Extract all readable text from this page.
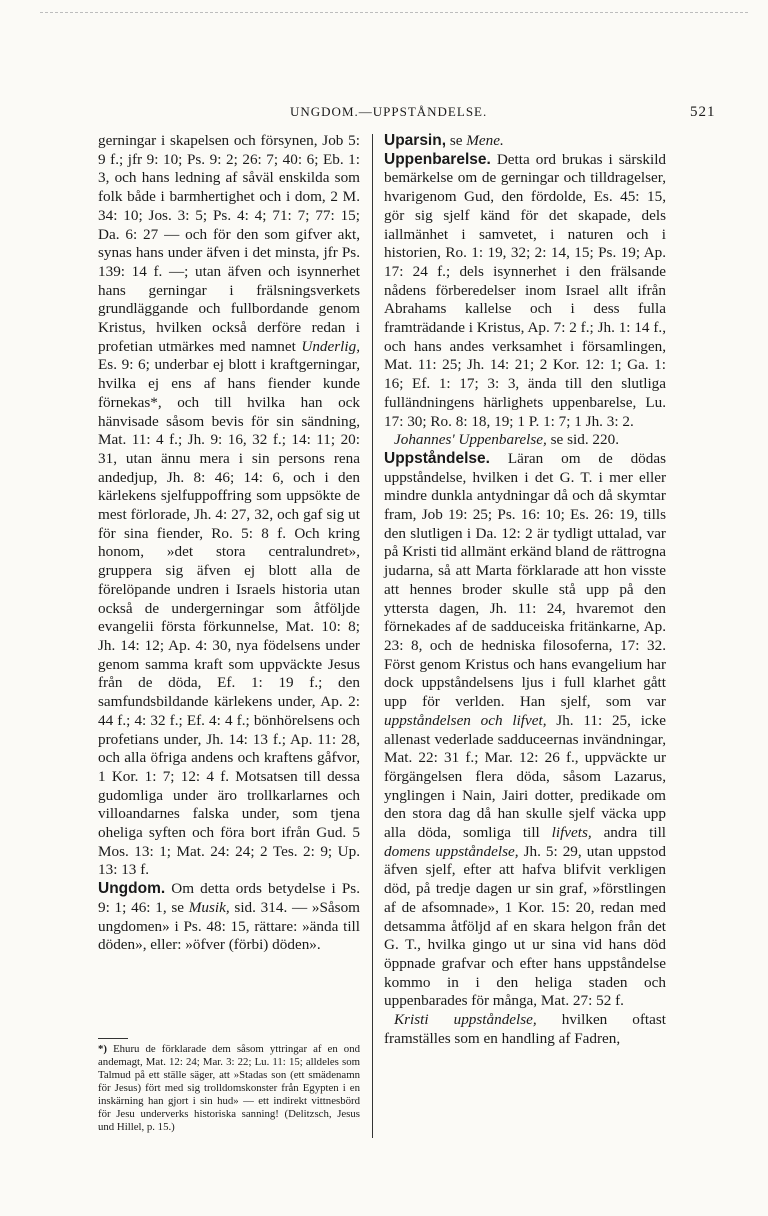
UNGDOM.—UPPSTÅNDELSE.	521

gerningar i skapelsen och försynen, Job 5: 9 f.; jfr 9: 10; Ps. 9: 2; 26: 7; 40: 6; Eb. 1: 3, och hans ledning af såväl enskilda som folk både i barmhertighet och i dom, 2 M. 34: 10; Jos. 3: 5; Ps. 4: 4; 71: 7; 77: 15; Da. 6: 27 — och för den som gifver akt, synas hans under äfven i det minsta, jfr Ps. 139: 14 f. —; utan äfven och isynnerhet hans gerningar i frälsningsverkets grundläggande och fullbordande genom Kristus, hvilken också derföre redan i profetian utmärkes med namnet Underlig, Es. 9: 6; underbar ej blott i kraftgerningar, hvilka ej ens af hans fiender kunde förnekas*, och till hvilka han ock hänvisade såsom bevis för sin sändning, Mat. 11: 4 f.; Jh. 9: 16, 32 f.; 14: 11; 20: 31, utan ännu mera i sin persons rena andedjup, Jh. 8: 46; 14: 6, och i den kärlekens sjelfuppoffring som uppsökte de mest förlorade, Jh. 4: 27, 32, och gaf sig ut för sina fiender, Ro. 5: 8 f. Och kring honom, »det stora centralundret», gruppera sig äfven ej blott alla de förelöpande undren i Israels historia utan också de undergerningar som åtföljde evangelii första förkunnelse, Mat. 10: 8; Jh. 14: 12; Ap. 4: 30, nya födelsens under genom samma kraft som uppväckte Jesus från de döda, Ef. 1: 19 f.; den samfundsbildande kärlekens under, Ap. 2: 44 f.; 4: 32 f.; Ef. 4: 4 f.; bönhörelsens och profetians under, Jh. 14: 13 f.; Ap. 11: 28, och alla öfriga andens och kraftens gåfvor, 1 Kor. 1: 7; 12: 4 f. Motsatsen till dessa gudomliga under äro trollkarlarnes och villoandarnes falska under, som tjena oheliga syften och föra bort ifrån Gud. 5 Mos. 13: 1; Mat. 24: 24; 2 Tes. 2: 9; Up. 13: 13 f.

Ungdom. Om detta ords betydelse i Ps. 9: 1; 46: 1, se Musik, sid. 314. — »Såsom ungdomen» i Ps. 48: 15, rättare: »ända till döden», eller: »öfver (förbi) döden».

*) Ehuru de förklarade dem såsom yttringar af en ond andemagt, Mat. 12: 24; Mar. 3: 22; Lu. 11: 15; alldeles som Talmud på ett ställe säger, att »Stadas son (ett smädenamn för Jesus) fört med sig trolldomskonster från Egypten i en inskärning han gjort i sin hud» — ett indirekt vittnesbörd för Jesu underverks historiska sanning! (Delitzsch, Jesus und Hillel, p. 15.)

Uparsin, se Mene.

Uppenbarelse. Detta ord brukas i särskild bemärkelse om de gerningar och tilldragelser, hvarigenom Gud, den fördolde, Es. 45: 15, gör sig sjelf känd för det skapade, dels iallmänhet i samvetet, i naturen och i historien, Ro. 1: 19, 32; 2: 14, 15; Ps. 19; Ap. 17: 24 f.; dels isynnerhet i den frälsande nådens förberedelser inom Israel allt ifrån Abrahams kallelse och i dess fulla framträdande i Kristus, Ap. 7: 2 f.; Jh. 1: 14 f., och hans andes verksamhet i församlingen, Mat. 11: 25; Jh. 14: 21; 2 Kor. 12: 1; Ga. 1: 16; Ef. 1: 17; 3: 3, ända till den slutliga fulländningens härlighets uppenbarelse, Lu. 17: 30; Ro. 8: 18, 19; 1 P. 1: 7; 1 Jh. 3: 2.

Johannes' Uppenbarelse, se sid. 220.

Uppståndelse. Läran om de dödas uppståndelse, hvilken i det G. T. i mer eller mindre dunkla antydningar då och då skymtar fram, Job 19: 25; Ps. 16: 10; Es. 26: 19, tills den slutligen i Da. 12: 2 är tydligt uttalad, var på Kristi tid allmänt erkänd bland de rättrogna judarna, så att Marta förklarade att hon visste att hennes broder skulle stå upp på den yttersta dagen, Jh. 11: 24, hvaremot den förnekades af de sadduceiska fritänkarne, Ap. 23: 8, och de hedniska filosoferna, 17: 32. Först genom Kristus och hans evangelium har dock uppståndelsens ljus i full klarhet gått upp för verlden. Han sjelf, som var uppståndelsen och lifvet, Jh. 11: 25, icke allenast vederlade sadduceernas invändningar, Mat. 22: 31 f.; Mar. 12: 26 f., uppväckte ur förgängelsen flera döda, såsom Lazarus, ynglingen i Nain, Jairi dotter, predikade om den stora dag då han skulle sjelf väcka upp alla döda, somliga till lifvets, andra till domens uppståndelse, Jh. 5: 29, utan uppstod äfven sjelf, efter att hafva blifvit verkligen död, på tredje dagen ur sin graf, »förstlingen af de afsomnade», 1 Kor. 15: 20, redan med detsamma åtföljd af en skara helgon från det G. T., hvilka gingo ut ur sina vid hans död öppnade grafvar och efter hans uppståndelse kommo in i den heliga staden och uppenbarades för många, Mat. 27: 52 f.

Kristi uppståndelse, hvilken oftast framställes som en handling af Fadren,
